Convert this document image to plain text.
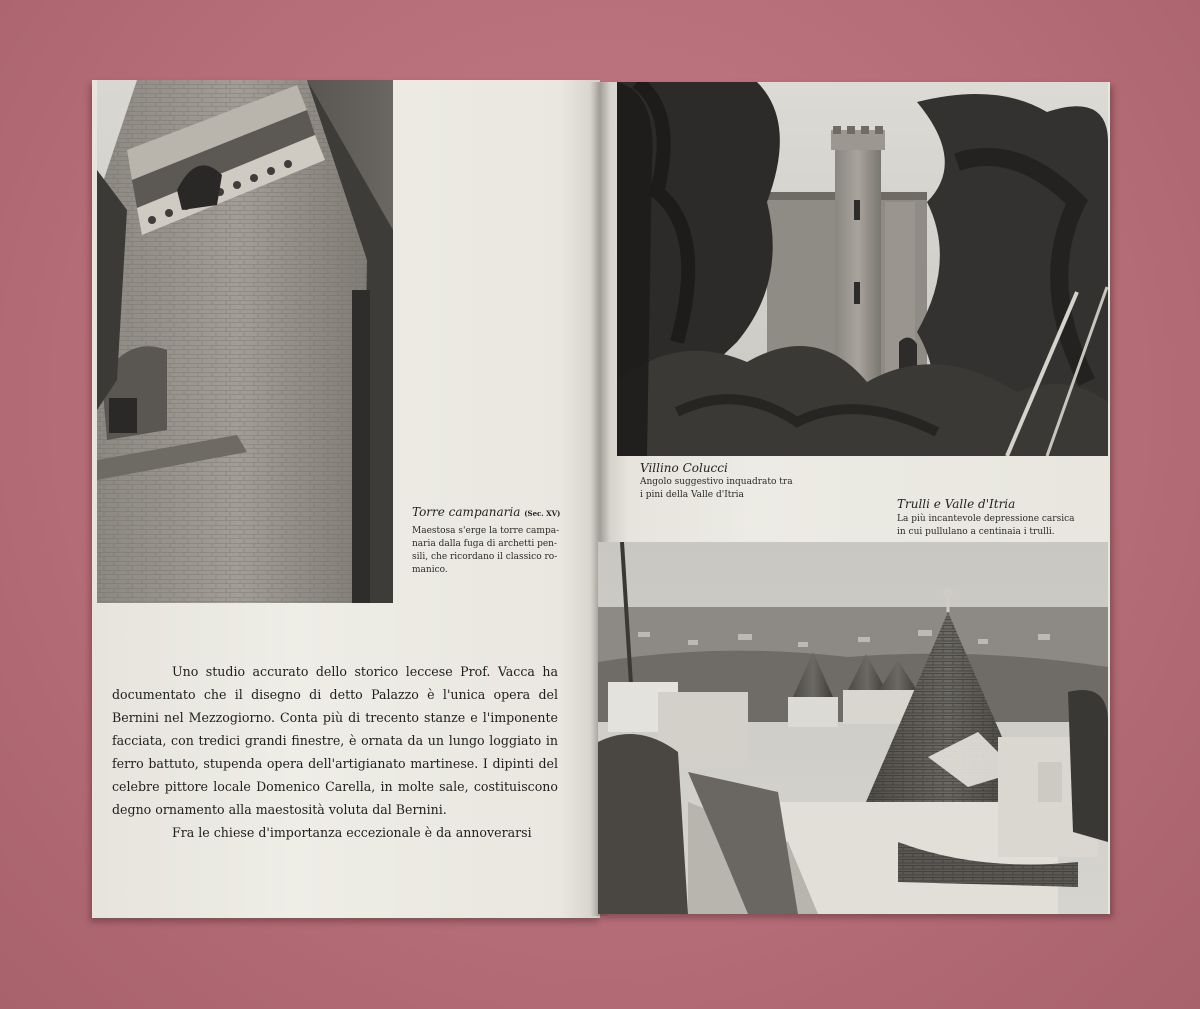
Torre campanaria (Sec. XV)
Maestosa s'erge la torre campa-
naria dalla fuga di archetti pen-
sili, che ricordano il classico ro-
manico.

Uno studio accurato dello storico leccese Prof. Vacca ha documentato che il disegno di detto Palazzo è l'unica opera del Bernini nel Mezzogiorno. Conta più di trecento stanze e l'imponente facciata, con tredici grandi finestre, è ornata da un lungo loggiato in ferro battuto, stupenda opera dell'artigianato martinese. I dipinti del celebre pittore locale Domenico Carella, in molte sale, costituiscono degno ornamento alla maestosità voluta dal Bernini.

Fra le chiese d'importanza eccezionale è da annoverarsi

Villino Colucci
Angolo suggestivo inquadrato tra
i pini della Valle d'Itria
Trulli e Valle d'Itria
La più incantevole depressione carsica
in cui pullulano a centinaia i trulli.
